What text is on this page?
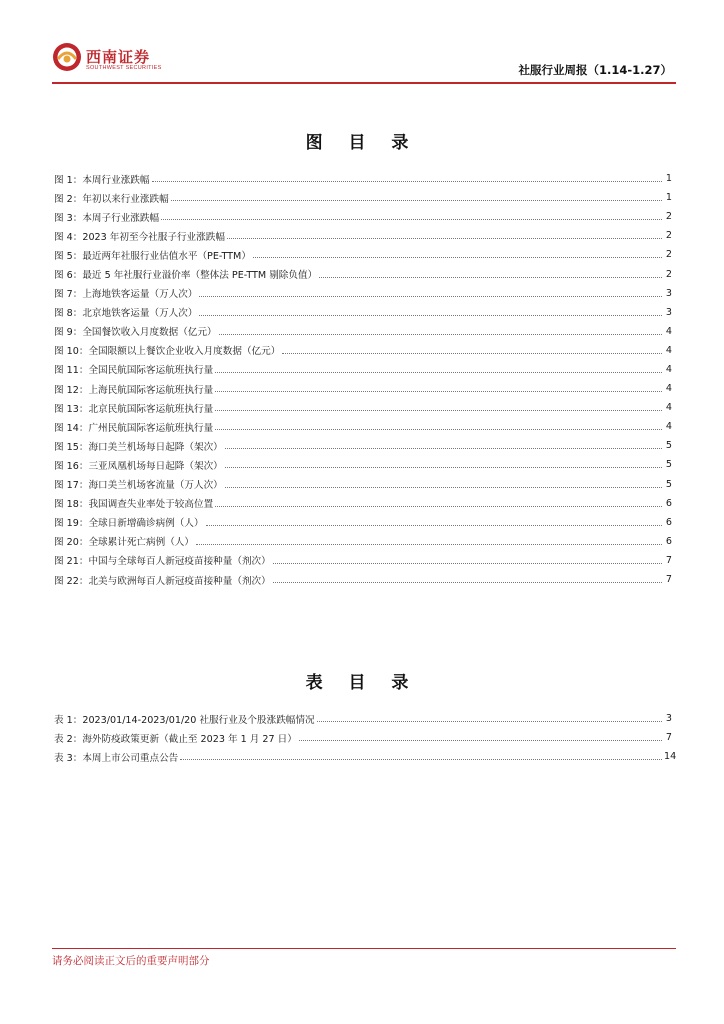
西南证券
SOUTHWEST SECURITIES	社服行业周报（1.14-1.27）
图 目 录
图 1：本周行业涨跌幅	1
图 2：年初以来行业涨跌幅	1
图 3：本周子行业涨跌幅	2
图 4：2023 年初至今社服子行业涨跌幅	2
图 5：最近两年社服行业估值水平（PE-TTM）	2
图 6：最近 5 年社服行业溢价率（整体法 PE-TTM 剔除负值）	2
图 7：上海地铁客运量（万人次）	3
图 8：北京地铁客运量（万人次）	3
图 9：全国餐饮收入月度数据（亿元）	4
图 10：全国限额以上餐饮企业收入月度数据（亿元）	4
图 11：全国民航国际客运航班执行量	4
图 12：上海民航国际客运航班执行量	4
图 13：北京民航国际客运航班执行量	4
图 14：广州民航国际客运航班执行量	4
图 15：海口美兰机场每日起降（架次）	5
图 16：三亚凤凰机场每日起降（架次）	5
图 17：海口美兰机场客流量（万人次）	5
图 18：我国调查失业率处于较高位置	6
图 19：全球日新增确诊病例（人）	6
图 20：全球累计死亡病例（人）	6
图 21：中国与全球每百人新冠疫苗接种量（剂次）	7
图 22：北美与欧洲每百人新冠疫苗接种量（剂次）	7
表 目 录
表 1：2023/01/14-2023/01/20 社服行业及个股涨跌幅情况	3
表 2：海外防疫政策更新（截止至 2023 年 1 月 27 日）	7
表 3：本周上市公司重点公告	14
请务必阅读正文后的重要声明部分
